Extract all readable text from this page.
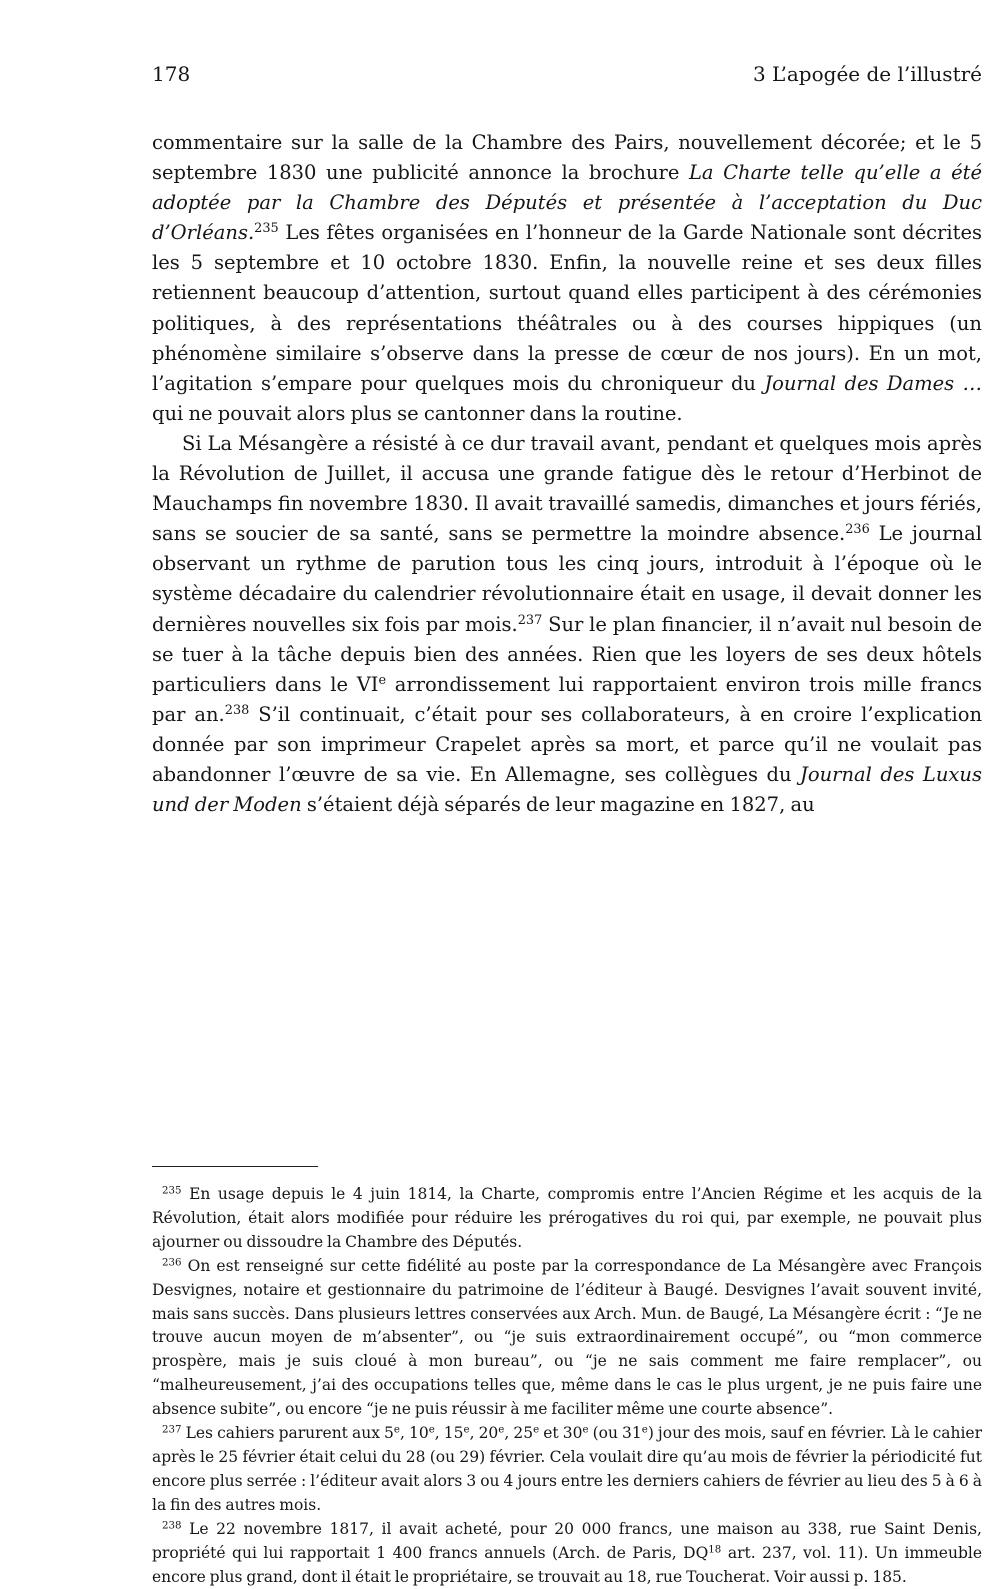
178	3 L’apogée de l’illustré

commentaire sur la salle de la Chambre des Pairs, nouvellement décorée; et le 5 septembre 1830 une publicité annonce la brochure La Charte telle qu’elle a été adoptée par la Chambre des Députés et présentée à l’acceptation du Duc d’Orléans.$^{235}$ Les fêtes organisées en l’honneur de la Garde Nationale sont décrites les 5 septembre et 10 octobre 1830. Enfin, la nouvelle reine et ses deux filles retiennent beaucoup d’attention, surtout quand elles participent à des cérémonies politiques, à des représentations théâtrales ou à des courses hippiques (un phénomène similaire s’observe dans la presse de cœur de nos jours). En un mot, l’agitation s’empare pour quelques mois du chroniqueur du Journal des Dames … qui ne pouvait alors plus se cantonner dans la routine.

Si La Mésangère a résisté à ce dur travail avant, pendant et quelques mois après la Révolution de Juillet, il accusa une grande fatigue dès le retour d’Herbinot de Mauchamps fin novembre 1830. Il avait travaillé samedis, dimanches et jours fériés, sans se soucier de sa santé, sans se permettre la moindre absence.$^{236}$ Le journal observant un rythme de parution tous les cinq jours, introduit à l’époque où le système décadaire du calendrier révolutionnaire était en usage, il devait donner les dernières nouvelles six fois par mois.$^{237}$ Sur le plan financier, il n’avait nul besoin de se tuer à la tâche depuis bien des années. Rien que les loyers de ses deux hôtels particuliers dans le VIe arrondissement lui rapportaient environ trois mille francs par an.$^{238}$ S’il continuait, c’était pour ses collaborateurs, à en croire l’explication donnée par son imprimeur Crapelet après sa mort, et parce qu’il ne voulait pas abandonner l’œuvre de sa vie. En Allemagne, ses collègues du Journal des Luxus und der Moden s’étaient déjà séparés de leur magazine en 1827, au

$^{235}$ En usage depuis le 4 juin 1814, la Charte, compromis entre l’Ancien Régime et les acquis de la Révolution, était alors modifiée pour réduire les prérogatives du roi qui, par exemple, ne pouvait plus ajourner ou dissoudre la Chambre des Députés.

$^{236}$ On est renseigné sur cette fidélité au poste par la correspondance de La Mésangère avec François Desvignes, notaire et gestionnaire du patrimoine de l’éditeur à Baugé. Desvignes l’avait souvent invité, mais sans succès. Dans plusieurs lettres conservées aux Arch. Mun. de Baugé, La Mésangère écrit : “Je ne trouve aucun moyen de m’absenter”, ou “je suis extraordinairement occupé”, ou “mon commerce prospère, mais je suis cloué à mon bureau”, ou “je ne sais comment me faire remplacer”, ou “malheureusement, j’ai des occupations telles que, même dans le cas le plus urgent, je ne puis faire une absence subite”, ou encore “je ne puis réussir à me faciliter même une courte absence”.

$^{237}$ Les cahiers parurent aux 5e, 10e, 15e, 20e, 25e et 30e (ou 31e) jour des mois, sauf en février. Là le cahier après le 25 février était celui du 28 (ou 29) février. Cela voulait dire qu’au mois de février la périodicité fut encore plus serrée : l’éditeur avait alors 3 ou 4 jours entre les derniers cahiers de février au lieu des 5 à 6 à la fin des autres mois.

$^{238}$ Le 22 novembre 1817, il avait acheté, pour 20 000 francs, une maison au 338, rue Saint Denis, propriété qui lui rapportait 1 400 francs annuels (Arch. de Paris, DQ$^{18}$ art. 237, vol. 11). Un immeuble encore plus grand, dont il était le propriétaire, se trouvait au 18, rue Toucherat. Voir aussi p. 185.
